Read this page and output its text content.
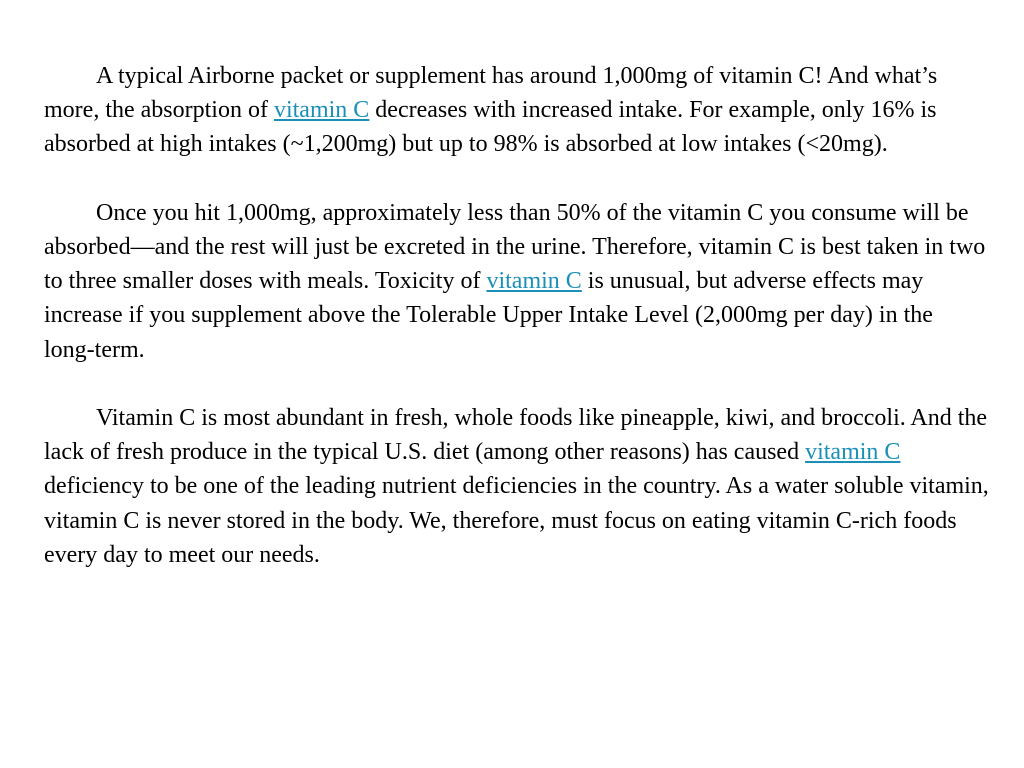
A typical Airborne packet or supplement has around 1,000mg of vitamin C! And what’s more, the absorption of vitamin C decreases with increased intake. For example, only 16% is absorbed at high intakes (~1,200mg) but up to 98% is absorbed at low intakes (<20mg).

Once you hit 1,000mg, approximately less than 50% of the vitamin C you consume will be absorbed—and the rest will just be excreted in the urine. Therefore, vitamin C is best taken in two to three smaller doses with meals. Toxicity of vitamin C is unusual, but adverse effects may increase if you supplement above the Tolerable Upper Intake Level (2,000mg per day) in the long-term.

Vitamin C is most abundant in fresh, whole foods like pineapple, kiwi, and broccoli. And the lack of fresh produce in the typical U.S. diet (among other reasons) has caused vitamin C deficiency to be one of the leading nutrient deficiencies in the country. As a water soluble vitamin, vitamin C is never stored in the body. We, therefore, must focus on eating vitamin C-rich foods every day to meet our needs.
